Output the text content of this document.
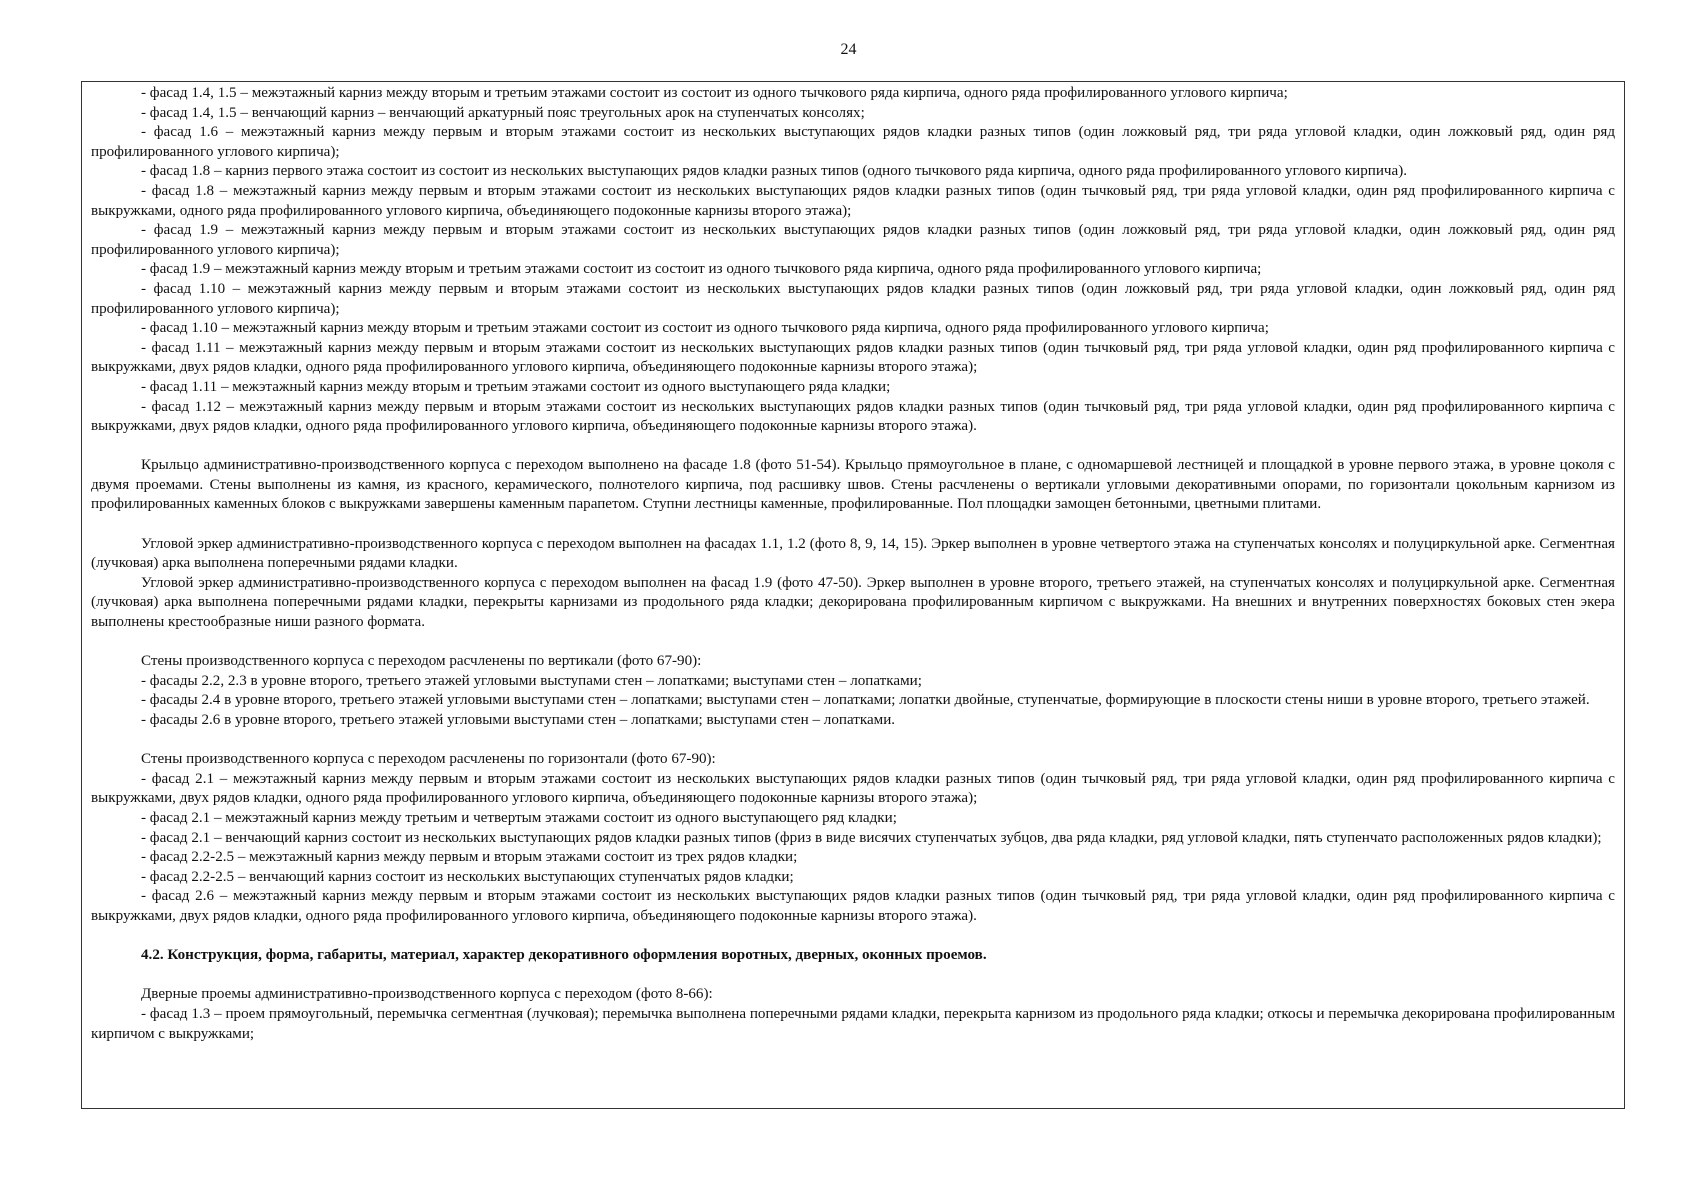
24

- фасад 1.4, 1.5 – межэтажный карниз между вторым и третьим этажами состоит из состоит из одного тычкового ряда кирпича, одного ряда профилированного углового кирпича;

- фасад 1.4, 1.5 – венчающий карниз – венчающий аркатурный пояс треугольных арок на ступенчатых консолях;

- фасад 1.6 – межэтажный карниз между первым и вторым этажами состоит из нескольких выступающих рядов кладки разных типов (один ложковый ряд, три ряда угловой кладки, один ложковый ряд, один ряд профилированного углового кирпича);

- фасад 1.8 – карниз первого этажа состоит из состоит из нескольких выступающих рядов кладки разных типов (одного тычкового ряда кирпича, одного ряда профилированного углового кирпича).

- фасад 1.8 – межэтажный карниз между первым и вторым этажами состоит из нескольких выступающих рядов кладки разных типов (один тычковый ряд, три ряда угловой кладки, один ряд профилированного кирпича с выкружками, одного ряда профилированного углового кирпича, объединяющего подоконные карнизы второго этажа);

- фасад 1.9 – межэтажный карниз между первым и вторым этажами состоит из нескольких выступающих рядов кладки разных типов (один ложковый ряд, три ряда угловой кладки, один ложковый ряд, один ряд профилированного углового кирпича);

- фасад 1.9 – межэтажный карниз между вторым и третьим этажами состоит из состоит из одного тычкового ряда кирпича, одного ряда профилированного углового кирпича;

- фасад 1.10 – межэтажный карниз между первым и вторым этажами состоит из нескольких выступающих рядов кладки разных типов (один ложковый ряд, три ряда угловой кладки, один ложковый ряд, один ряд профилированного углового кирпича);

- фасад 1.10 – межэтажный карниз между вторым и третьим этажами состоит из состоит из одного тычкового ряда кирпича, одного ряда профилированного углового кирпича;

- фасад 1.11 – межэтажный карниз между первым и вторым этажами состоит из нескольких выступающих рядов кладки разных типов (один тычковый ряд, три ряда угловой кладки, один ряд профилированного кирпича с выкружками, двух рядов кладки, одного ряда профилированного углового кирпича, объединяющего подоконные карнизы второго этажа);

- фасад 1.11 – межэтажный карниз между вторым и третьим этажами состоит из одного выступающего ряда кладки;

- фасад 1.12 – межэтажный карниз между первым и вторым этажами состоит из нескольких выступающих рядов кладки разных типов (один тычковый ряд, три ряда угловой кладки, один ряд профилированного кирпича с выкружками, двух рядов кладки, одного ряда профилированного углового кирпича, объединяющего подоконные карнизы второго этажа).

Крыльцо административно-производственного корпуса с переходом выполнено на фасаде 1.8 (фото 51-54). Крыльцо прямоугольное в плане, с одномаршевой лестницей и площадкой в уровне первого этажа, в уровне цоколя с двумя проемами. Стены выполнены из камня, из красного, керамического, полнотелого кирпича, под расшивку швов. Стены расчленены о вертикали угловыми декоративными опорами, по горизонтали цокольным карнизом из профилированных каменных блоков с выкружками завершены каменным парапетом. Ступни лестницы каменные, профилированные. Пол площадки замощен бетонными, цветными плитами.

Угловой эркер административно-производственного корпуса с переходом выполнен на фасадах 1.1, 1.2 (фото 8, 9, 14, 15). Эркер выполнен в уровне четвертого этажа на ступенчатых консолях и полуциркульной арке. Сегментная (лучковая) арка выполнена поперечными рядами кладки.

Угловой эркер административно-производственного корпуса с переходом выполнен на фасад 1.9 (фото 47-50). Эркер выполнен в уровне второго, третьего этажей, на ступенчатых консолях и полуциркульной арке. Сегментная (лучковая) арка выполнена поперечными рядами кладки, перекрыты карнизами из продольного ряда кладки; декорирована профилированным кирпичом с выкружками. На внешних и внутренних поверхностях боковых стен экера выполнены крестообразные ниши разного формата.

Стены производственного корпуса с переходом расчленены по вертикали (фото 67-90):

- фасады 2.2, 2.3 в уровне второго, третьего этажей угловыми выступами стен – лопатками; выступами стен – лопатками;

- фасады 2.4 в уровне второго, третьего этажей угловыми выступами стен – лопатками; выступами стен – лопатками; лопатки двойные, ступенчатые, формирующие в плоскости стены ниши в уровне второго, третьего этажей.

- фасады 2.6 в уровне второго, третьего этажей угловыми выступами стен – лопатками; выступами стен – лопатками.

Стены производственного корпуса с переходом расчленены по горизонтали (фото 67-90):

- фасад 2.1 – межэтажный карниз между первым и вторым этажами состоит из нескольких выступающих рядов кладки разных типов (один тычковый ряд, три ряда угловой кладки, один ряд профилированного кирпича с выкружками, двух рядов кладки, одного ряда профилированного углового кирпича, объединяющего подоконные карнизы второго этажа);

- фасад 2.1 – межэтажный карниз между третьим и четвертым этажами состоит из одного выступающего ряд кладки;

- фасад 2.1 – венчающий карниз состоит из нескольких выступающих рядов кладки разных типов (фриз в виде висячих ступенчатых зубцов, два ряда кладки, ряд угловой кладки, пять ступенчато расположенных рядов кладки);

- фасад 2.2-2.5 – межэтажный карниз между первым и вторым этажами состоит из трех рядов кладки;

- фасад 2.2-2.5 – венчающий карниз состоит из нескольких выступающих ступенчатых рядов кладки;

- фасад 2.6 – межэтажный карниз между первым и вторым этажами состоит из нескольких выступающих рядов кладки разных типов (один тычковый ряд, три ряда угловой кладки, один ряд профилированного кирпича с выкружками, двух рядов кладки, одного ряда профилированного углового кирпича, объединяющего подоконные карнизы второго этажа).

4.2. Конструкция, форма, габариты, материал, характер декоративного оформления воротных, дверных, оконных проемов.

Дверные проемы административно-производственного корпуса с переходом (фото 8-66):

- фасад 1.3 – проем прямоугольный, перемычка сегментная (лучковая); перемычка выполнена поперечными рядами кладки, перекрыта карнизом из продольного ряда кладки; откосы и перемычка декорирована профилированным кирпичом с выкружками;
